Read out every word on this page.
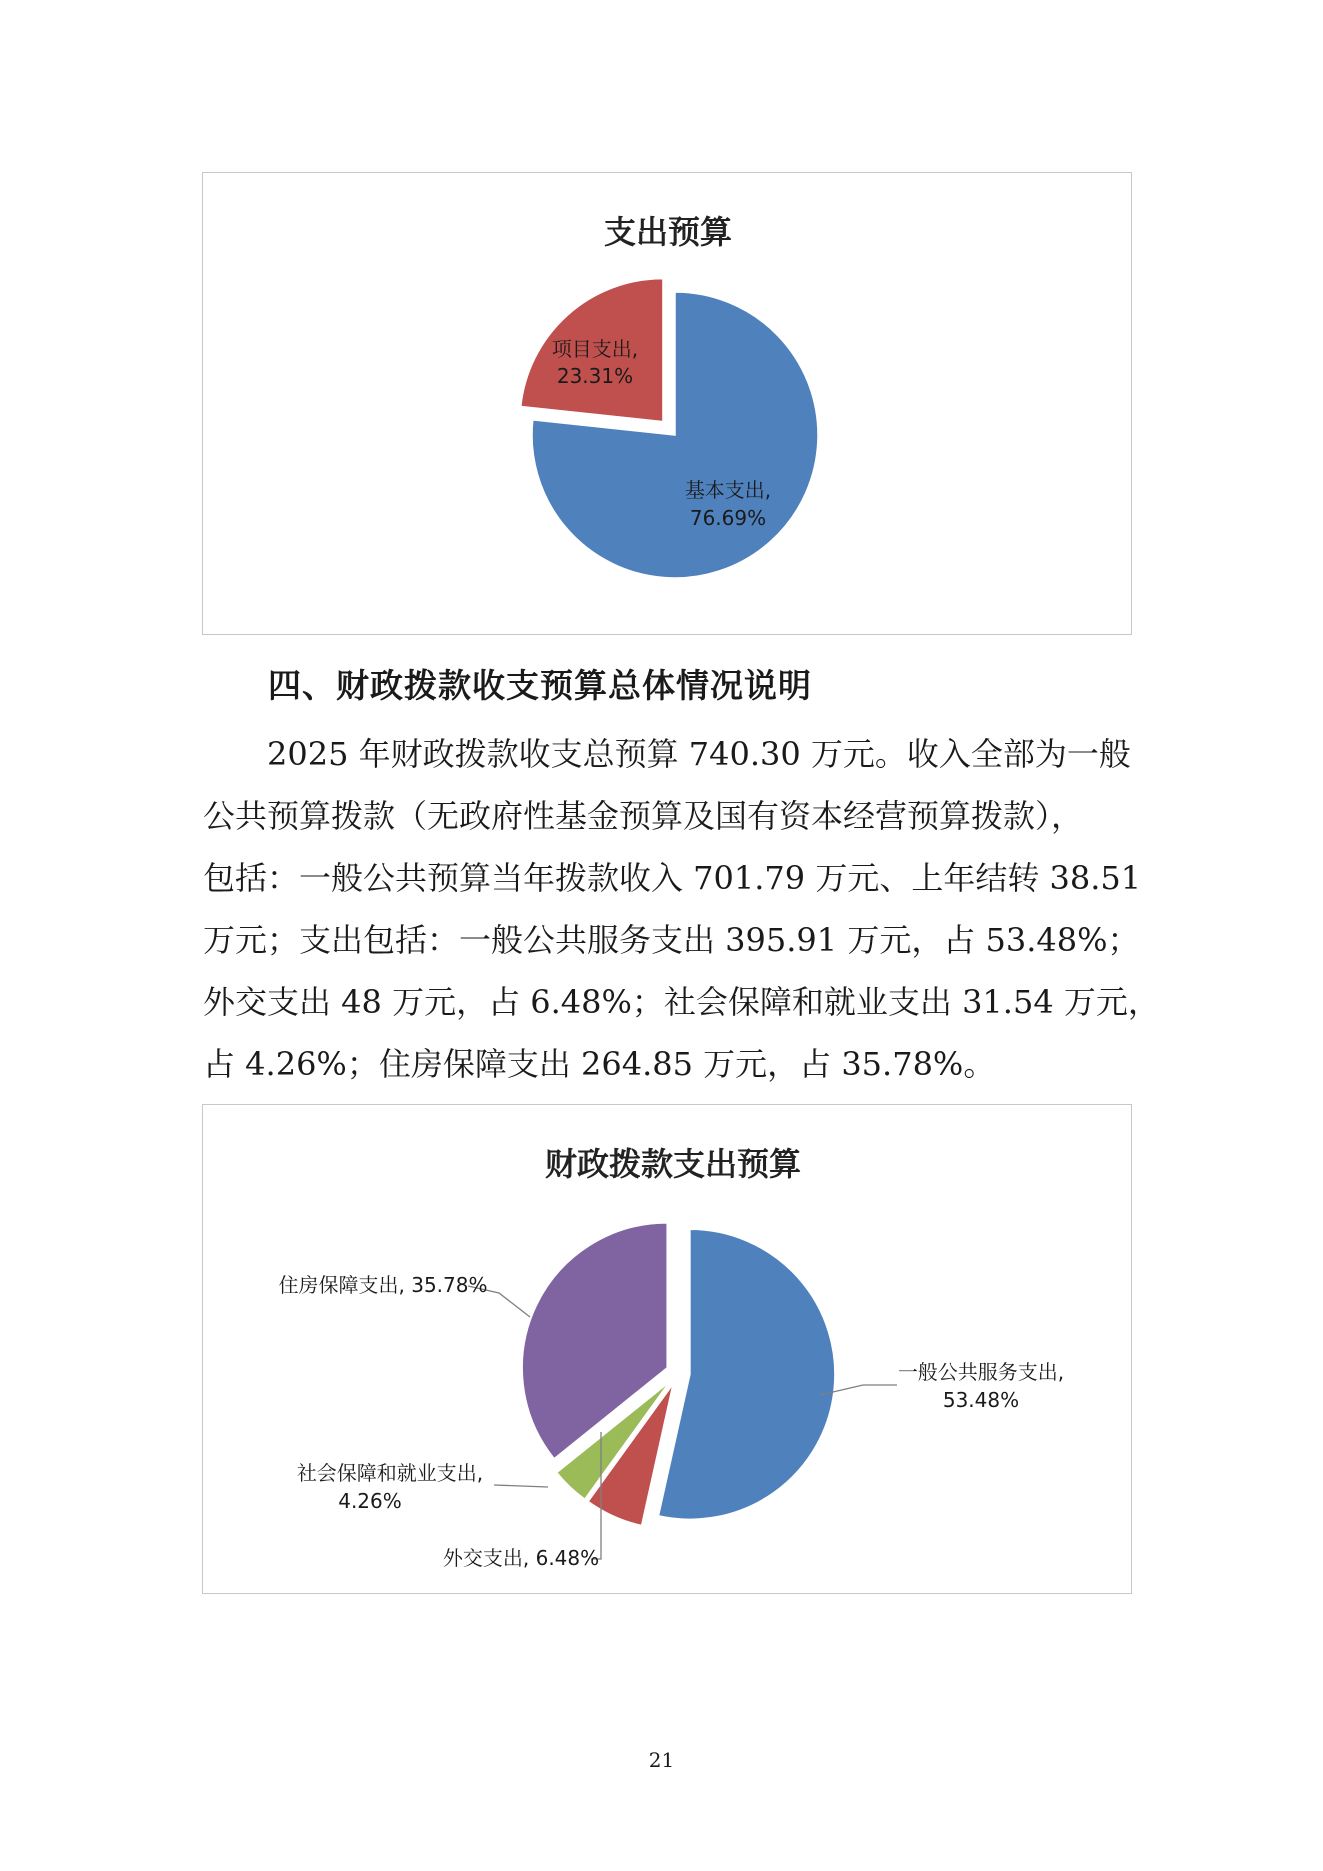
支出预算
基本支出,
76.69%
项目支出,
23.31%
四、财政拨款收支预算总体情况说明
2025 年财政拨款收支总预算 740.30 万元。收入全部为一般
公共预算拨款（无政府性基金预算及国有资本经营预算拨款），
包括：一般公共预算当年拨款收入 701.79 万元、上年结转 38.51
万元；支出包括：一般公共服务支出 395.91 万元，占 53.48%；
外交支出 48 万元，占 6.48%；社会保障和就业支出 31.54 万元，
占 4.26%；住房保障支出 264.85 万元，占 35.78%。
财政拨款支出预算
一般公共服务支出,
53.48%
外交支出, 6.48%
社会保障和就业支出,
4.26%
住房保障支出, 35.78%
21
